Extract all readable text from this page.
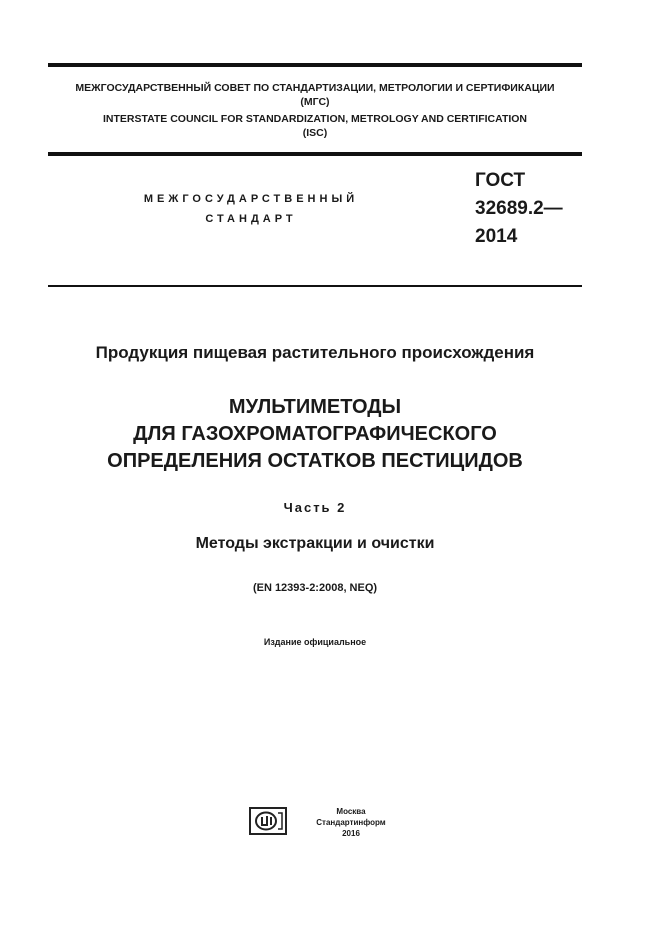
МЕЖГОСУДАРСТВЕННЫЙ СОВЕТ ПО СТАНДАРТИЗАЦИИ, МЕТРОЛОГИИ И СЕРТИФИКАЦИИ
(МГС)
INTERSTATE COUNCIL FOR STANDARDIZATION, METROLOGY AND CERTIFICATION
(ISC)
МЕЖГОСУДАРСТВЕННЫЙ
СТАНДАРТ
ГОСТ
32689.2—
2014
Продукция пищевая растительного происхождения
МУЛЬТИМЕТОДЫ
ДЛЯ ГАЗОХРОМАТОГРАФИЧЕСКОГО
ОПРЕДЕЛЕНИЯ ОСТАТКОВ ПЕСТИЦИДОВ
Часть 2
Методы экстракции и очистки
(EN 12393-2:2008, NEQ)
Издание официальное
Москва
Стандартинформ
2016
